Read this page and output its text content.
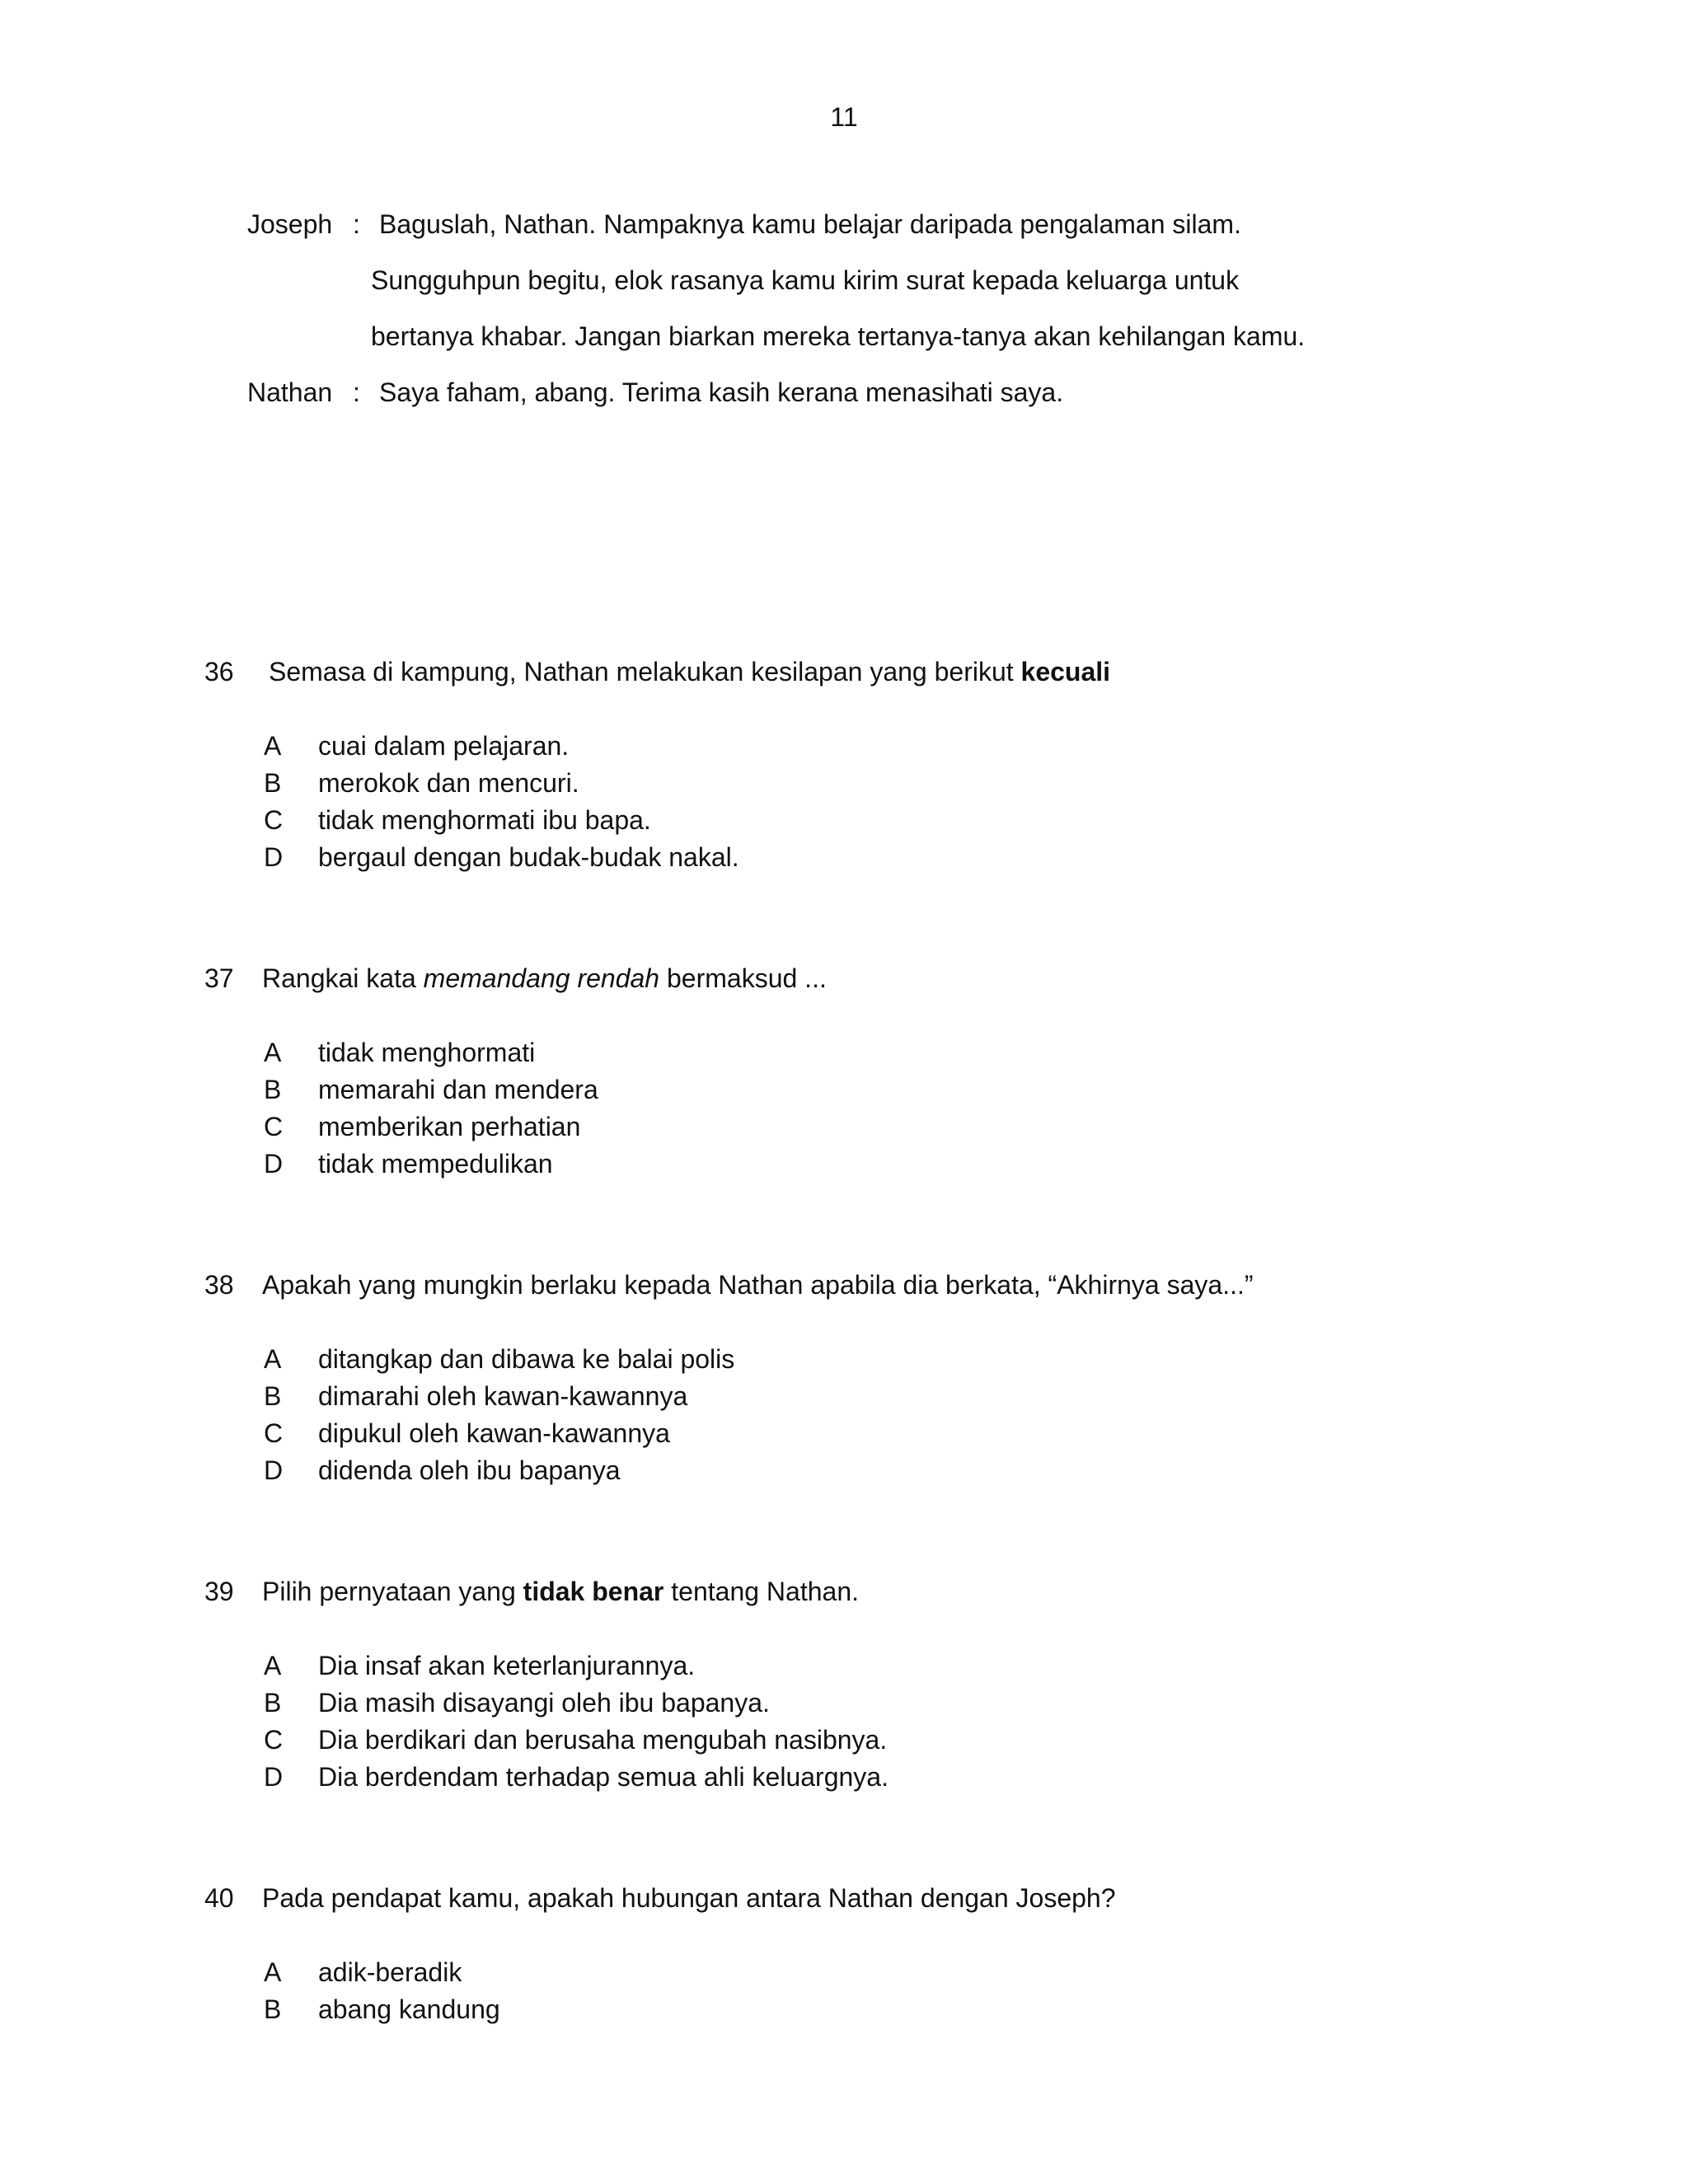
11
Joseph : Baguslah, Nathan. Nampaknya kamu belajar daripada pengalaman silam.
Sungguhpun begitu, elok rasanya kamu kirim surat kepada keluarga untuk
bertanya khabar. Jangan biarkan mereka tertanya-tanya akan kehilangan kamu.
Nathan : Saya faham, abang. Terima kasih kerana menasihati saya.
36 Semasa di kampung, Nathan melakukan kesilapan yang berikut kecuali
A cuai dalam pelajaran.
B merokok dan mencuri.
C tidak menghormati ibu bapa.
D bergaul dengan budak-budak nakal.
37 Rangkai kata memandang rendah bermaksud ...
A tidak menghormati
B memarahi dan mendera
C memberikan perhatian
D tidak mempedulikan
38 Apakah yang mungkin berlaku kepada Nathan apabila dia berkata, “Akhirnya saya...”
A ditangkap dan dibawa ke balai polis
B dimarahi oleh kawan-kawannya
C dipukul oleh kawan-kawannya
D didenda oleh ibu bapanya
39 Pilih pernyataan yang tidak benar tentang Nathan.
A Dia insaf akan keterlanjurannya.
B Dia masih disayangi oleh ibu bapanya.
C Dia berdikari dan berusaha mengubah nasibnya.
D Dia berdendam terhadap semua ahli keluargnya.
40 Pada pendapat kamu, apakah hubungan antara Nathan dengan Joseph?
A adik-beradik
B abang kandung
